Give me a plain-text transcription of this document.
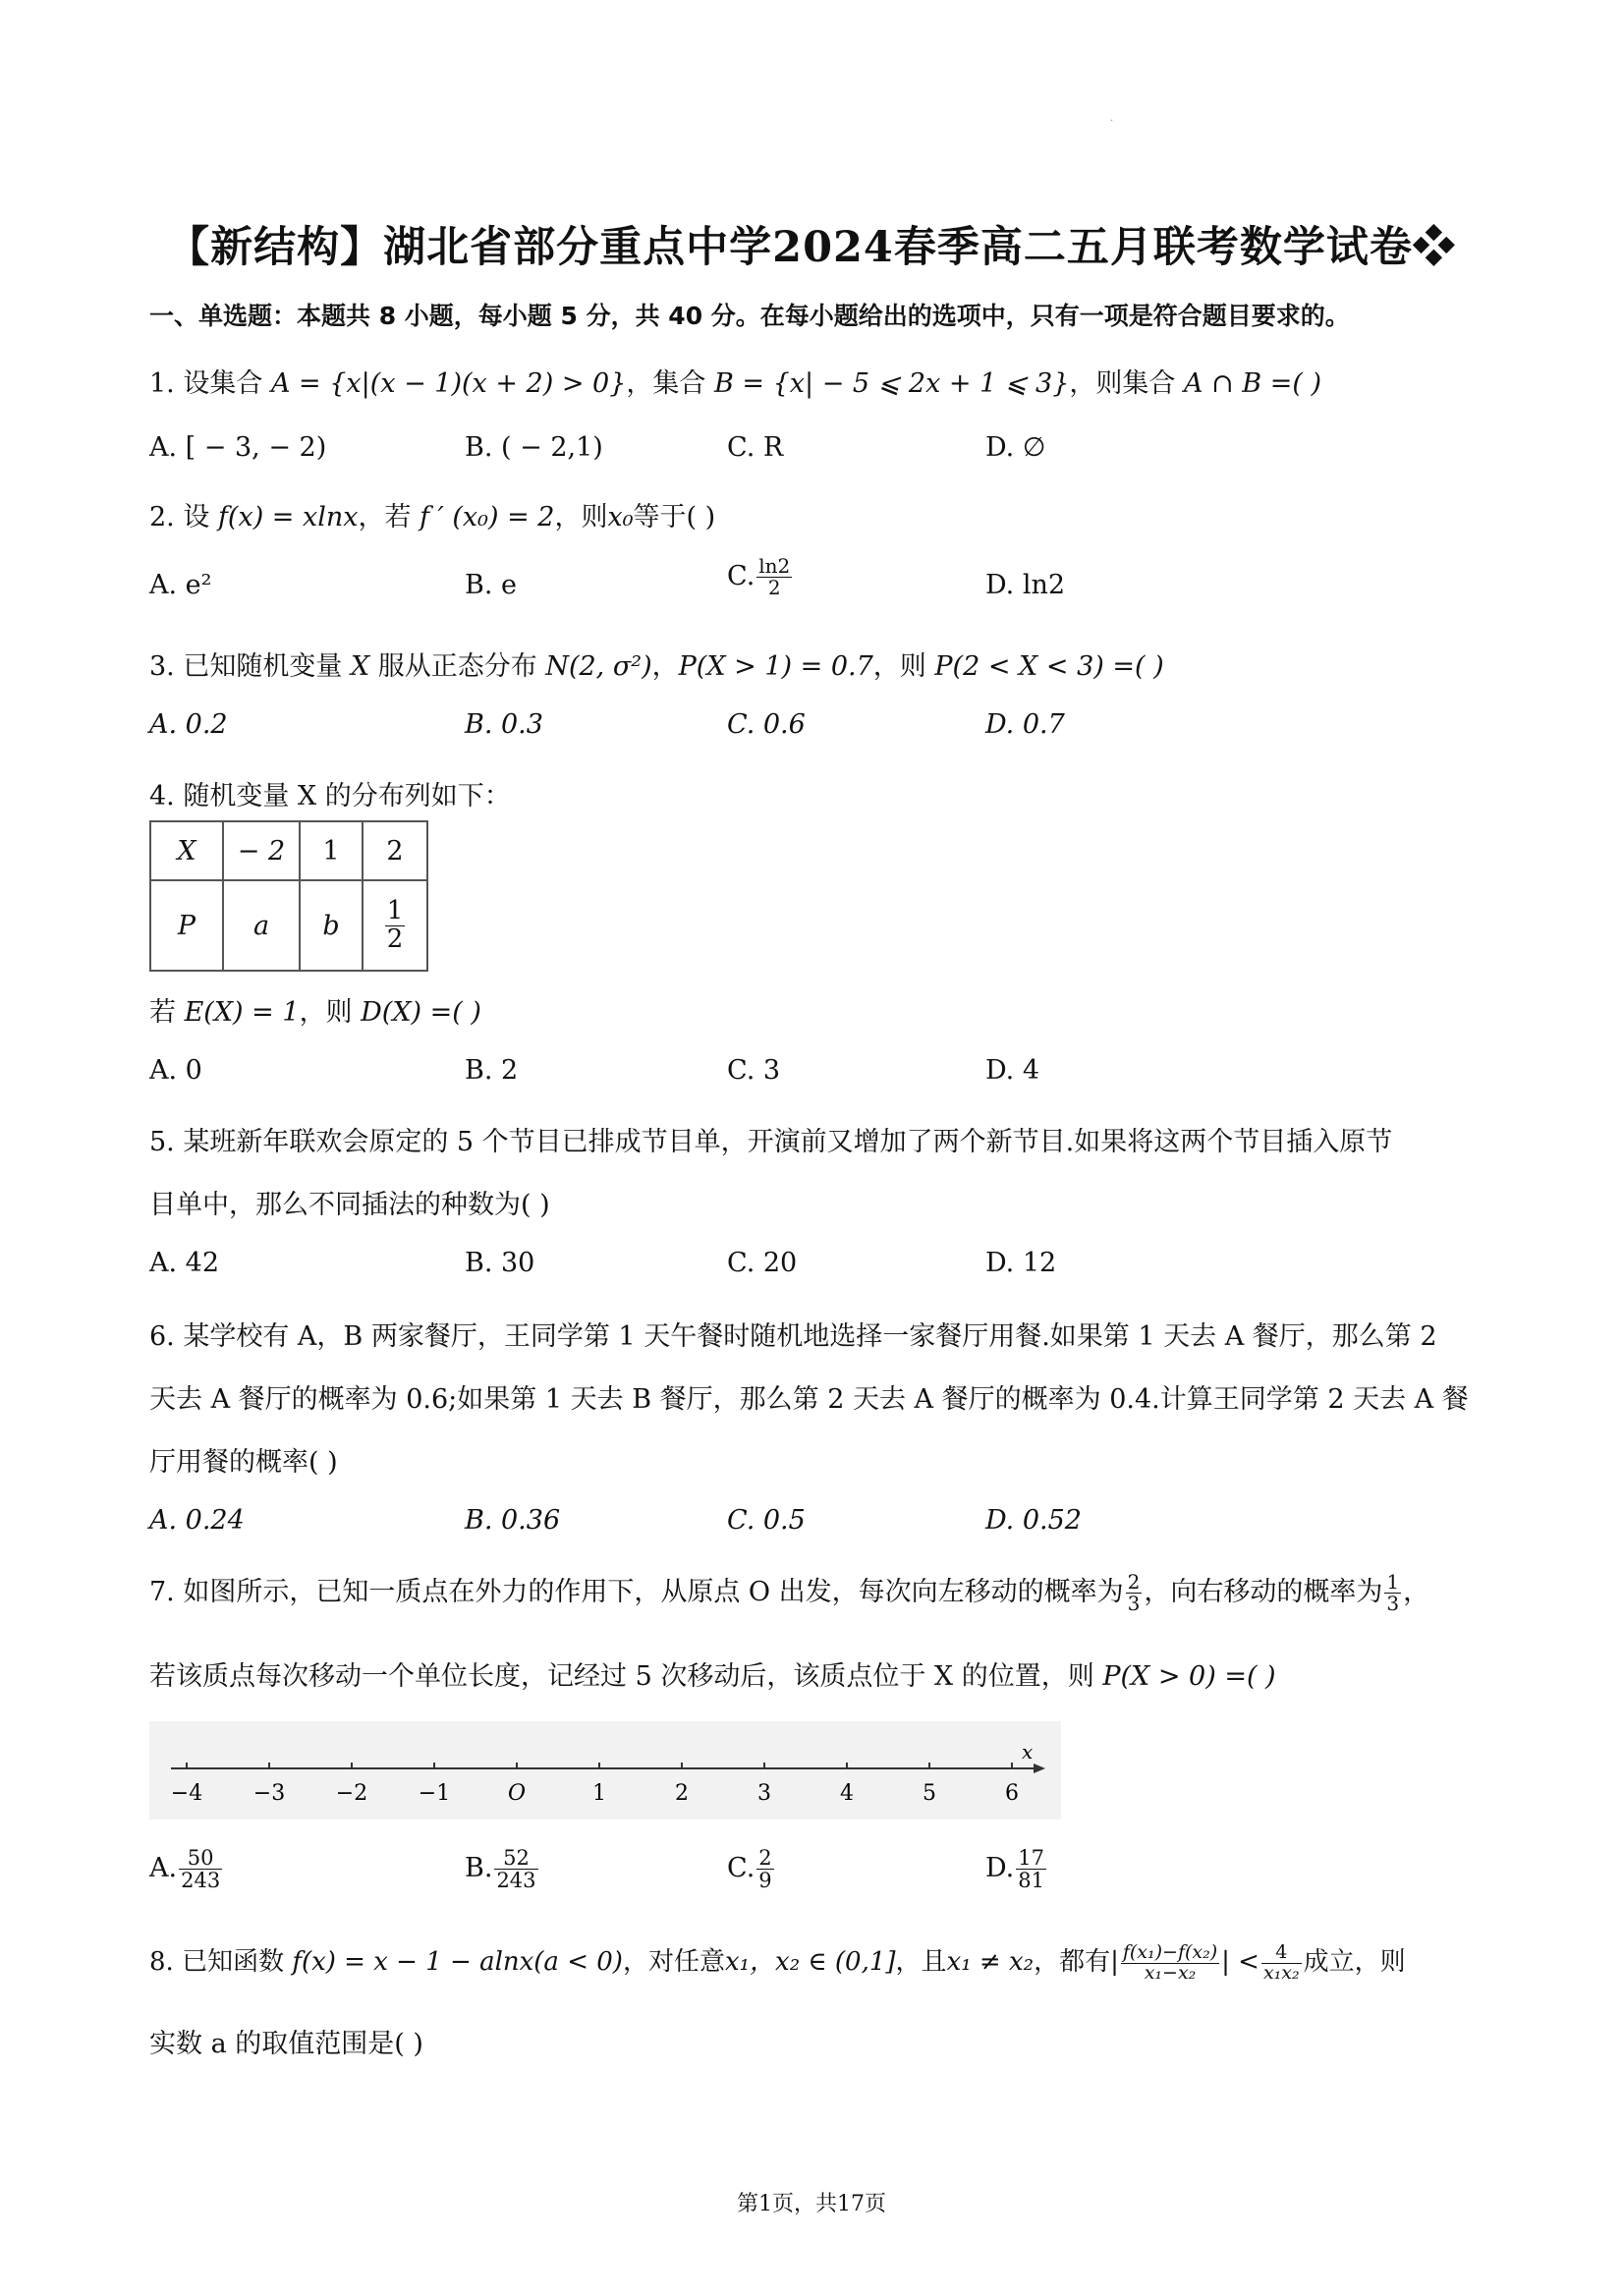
·
【新结构】湖北省部分重点中学2024春季高二五月联考数学试卷❖
一、单选题：本题共 8 小题，每小题 5 分，共 40 分。在每小题给出的选项中，只有一项是符合题目要求的。
1. 设集合 A = {x|(x − 1)(x + 2) > 0}，集合 B = {x| − 5 ⩽ 2x + 1 ⩽ 3}，则集合 A ∩ B =( )
A. [ − 3, − 2)	B. ( − 2,1)	C. R	D. ∅
2. 设 f(x) = xlnx，若 f ′ (x₀) = 2，则x₀等于( )
A. e²	B. e	C. $\frac{\ln 2}{2}$	D. ln2
3. 已知随机变量 X 服从正态分布 N(2, σ²)，P(X > 1) = 0.7，则 P(2 < X < 3) =( )
A. 0.2	B. 0.3	C. 0.6	D. 0.7
4. 随机变量 X 的分布列如下：
X	− 2	1	2
P	a	b	$\frac{1}{2}$
若 E(X) = 1，则 D(X) =( )
A. 0	B. 2	C. 3	D. 4
5. 某班新年联欢会原定的 5 个节目已排成节目单，开演前又增加了两个新节目.如果将这两个节目插入原节
目单中，那么不同插法的种数为( )
A. 42	B. 30	C. 20	D. 12
6. 某学校有 A，B 两家餐厅，王同学第 1 天午餐时随机地选择一家餐厅用餐.如果第 1 天去 A 餐厅，那么第 2
天去 A 餐厅的概率为 0.6;如果第 1 天去 B 餐厅，那么第 2 天去 A 餐厅的概率为 0.4.计算王同学第 2 天去 A 餐
厅用餐的概率( )
A. 0.24	B. 0.36	C. 0.5	D. 0.52
7. 如图所示，已知一质点在外力的作用下，从原点 O 出发，每次向左移动的概率为 $\frac{2}{3}$ ，向右移动的概率为 $\frac{1}{3}$ ，
若该质点每次移动一个单位长度，记经过 5 次移动后，该质点位于 X 的位置，则 P(X > 0) =( )
−4 −3 −2 −1	O	1	2	3	4	5	6
x
A. $\frac{50}{243}$	B. $\frac{52}{243}$	C. $\frac{2}{9}$	D. $\frac{17}{81}$
8. 已知函数 f(x) = x − 1 − alnx(a < 0)，对任意x₁，x₂ ∈ (0,1]，且x₁ ≠ x₂，都有| $\frac{\text{f(x₁)−f(x₂)}}{\text{x₁−x₂}}$ | < $\frac{4}{\text{x₁x₂}}$ 成立，则
实数 a 的取值范围是( )
第1页，共17页
